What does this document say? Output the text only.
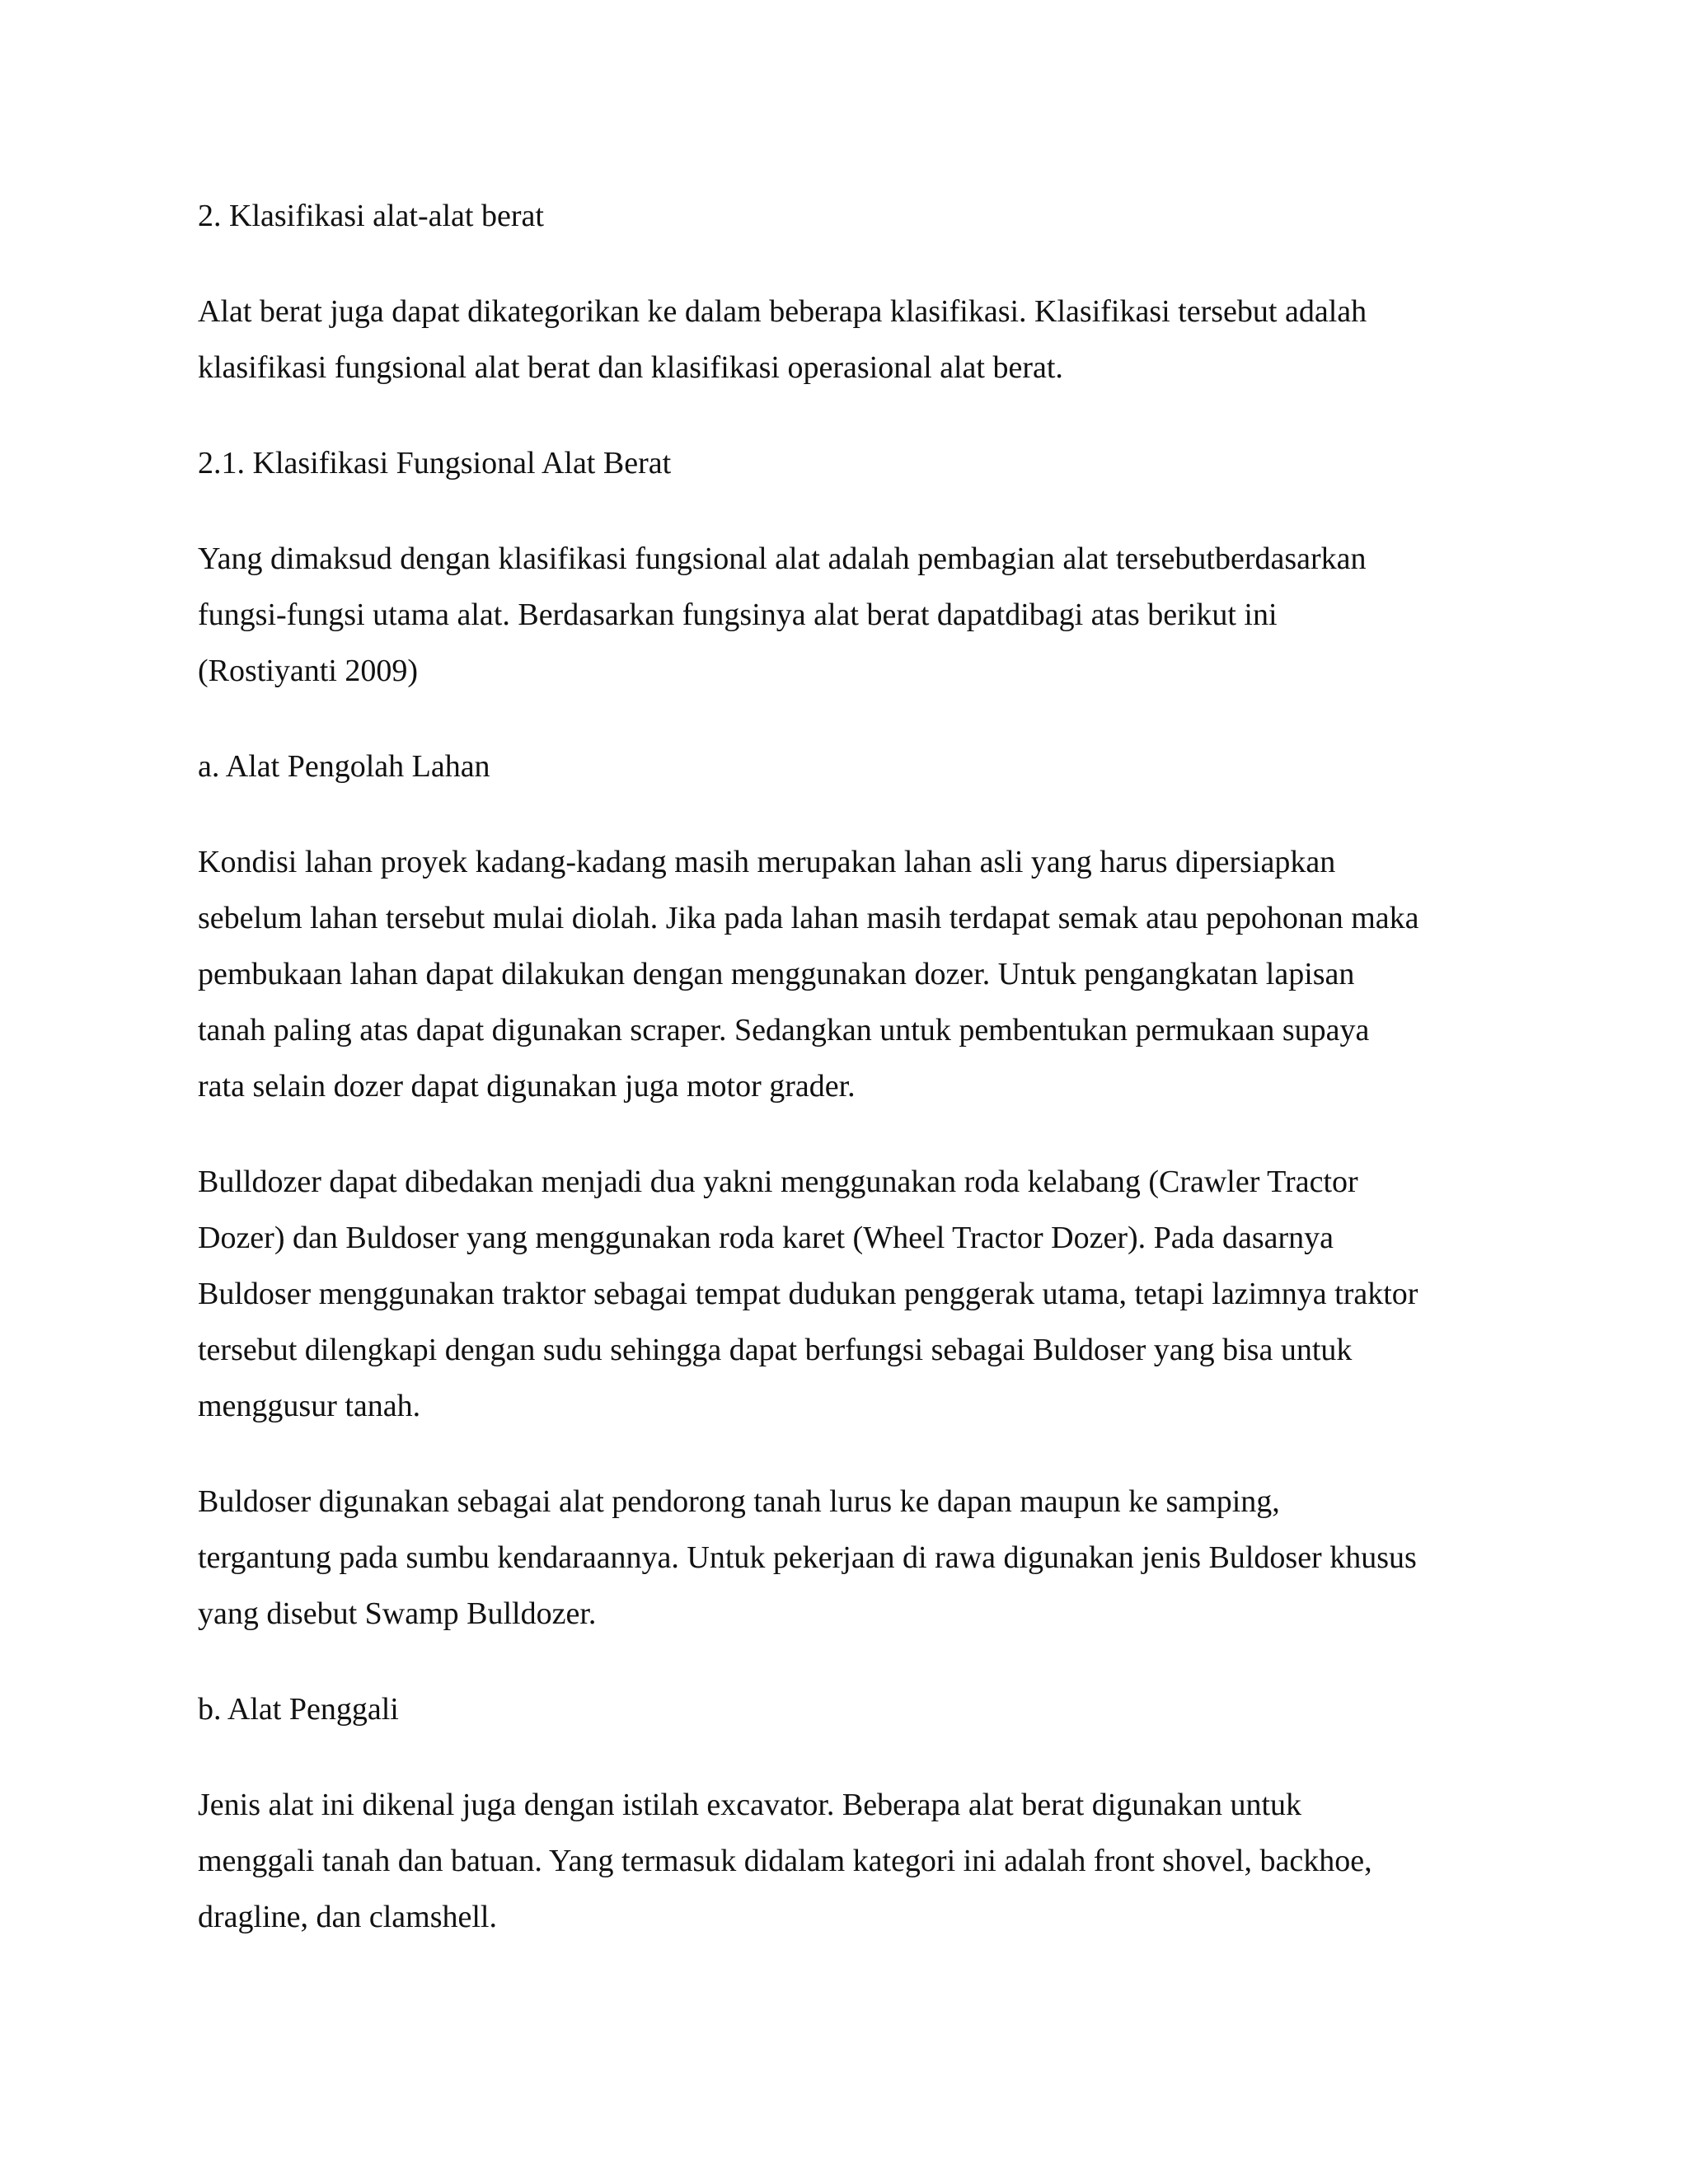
2. Klasifikasi alat-alat berat
Alat berat juga dapat dikategorikan ke dalam beberapa klasifikasi. Klasifikasi tersebut adalah
klasifikasi fungsional alat berat dan klasifikasi operasional alat berat.
2.1. Klasifikasi Fungsional Alat Berat
Yang dimaksud dengan klasifikasi fungsional alat adalah pembagian alat tersebutberdasarkan
fungsi-fungsi utama alat. Berdasarkan fungsinya alat berat dapatdibagi atas berikut ini
(Rostiyanti 2009)
a. Alat Pengolah Lahan
Kondisi lahan proyek kadang-kadang masih merupakan lahan asli yang harus dipersiapkan
sebelum lahan tersebut mulai diolah. Jika pada lahan masih terdapat semak atau pepohonan maka
pembukaan lahan dapat dilakukan dengan menggunakan dozer. Untuk pengangkatan lapisan
tanah paling atas dapat digunakan scraper. Sedangkan untuk pembentukan permukaan supaya
rata selain dozer dapat digunakan juga motor grader.
Bulldozer dapat dibedakan menjadi dua yakni menggunakan roda kelabang (Crawler Tractor
Dozer) dan Buldoser yang menggunakan roda karet (Wheel Tractor Dozer). Pada dasarnya
Buldoser menggunakan traktor sebagai tempat dudukan penggerak utama, tetapi lazimnya traktor
tersebut dilengkapi dengan sudu sehingga dapat berfungsi sebagai Buldoser yang bisa untuk
menggusur tanah.
Buldoser digunakan sebagai alat pendorong tanah lurus ke dapan maupun ke samping,
tergantung pada sumbu kendaraannya. Untuk pekerjaan di rawa digunakan jenis Buldoser khusus
yang disebut Swamp Bulldozer.
b. Alat Penggali
Jenis alat ini dikenal juga dengan istilah excavator. Beberapa alat berat digunakan untuk
menggali tanah dan batuan. Yang termasuk didalam kategori ini adalah front shovel, backhoe,
dragline, dan clamshell.
